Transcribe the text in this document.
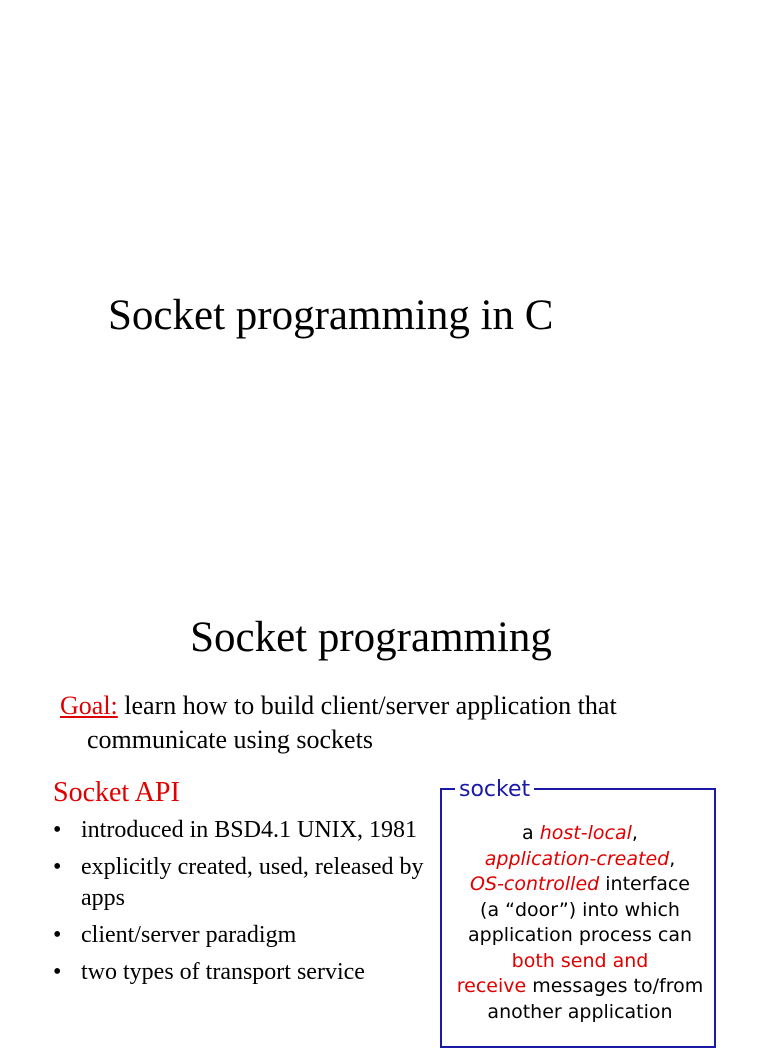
Socket programming in C
Socket programming
Goal: learn how to build client/server application that
communicate using sockets
Socket API
• introduced in BSD4.1 UNIX, 1981
• explicitly created, used, released by apps
• client/server paradigm
• two types of transport service
socket
a host-local,
application-created,
OS-controlled interface
(a “door”) into which
application process can
both send and
receive messages to/from
another application
